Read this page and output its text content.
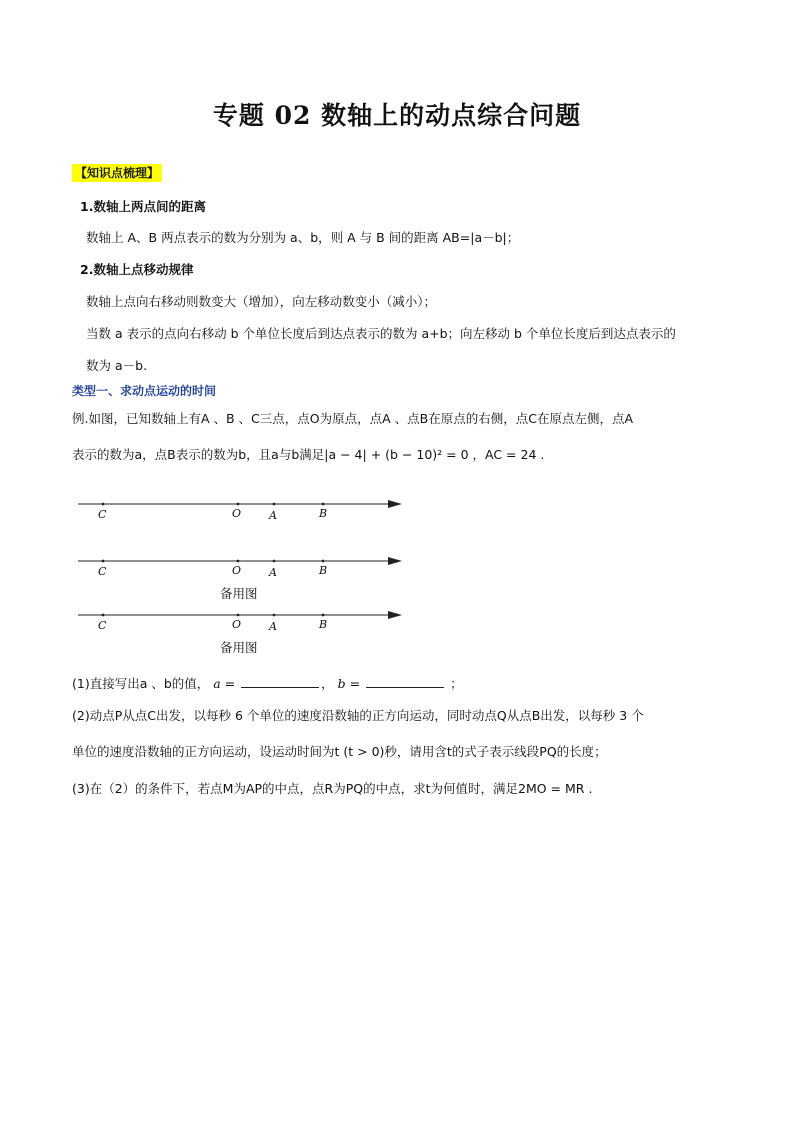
专题 02 数轴上的动点综合问题
【知识点梳理】
1.数轴上两点间的距离
数轴上 A、B 两点表示的数为分别为 a、b，则 A 与 B 间的距离 AB=|a－b|；
2.数轴上点移动规律
数轴上点向右移动则数变大（增加），向左移动数变小（减小）；
当数 a 表示的点向右移动 b 个单位长度后到达点表示的数为 a+b；向左移动 b 个单位长度后到达点表示的
数为 a－b.
类型一、求动点运动的时间
例.如图，已知数轴上有A 、B 、C三点，点O为原点，点A 、点B在原点的右侧，点C在原点左侧，点A
表示的数为a，点B表示的数为b，且a与b满足|a − 4| + (b − 10)² = 0 ，AC = 24 .
C	O	A	B
C	O	A	B
备用图
C	O	A	B
备用图
(1)直接写出a 、b的值， a =	， b =	；
(2)动点P从点C出发，以每秒 6 个单位的速度沿数轴的正方向运动，同时动点Q从点B出发，以每秒 3 个
单位的速度沿数轴的正方向运动，设运动时间为t (t > 0)秒，请用含t的式子表示线段PQ的长度；
(3)在（2）的条件下，若点M为AP的中点，点R为PQ的中点，求t为何值时，满足2MO = MR .
